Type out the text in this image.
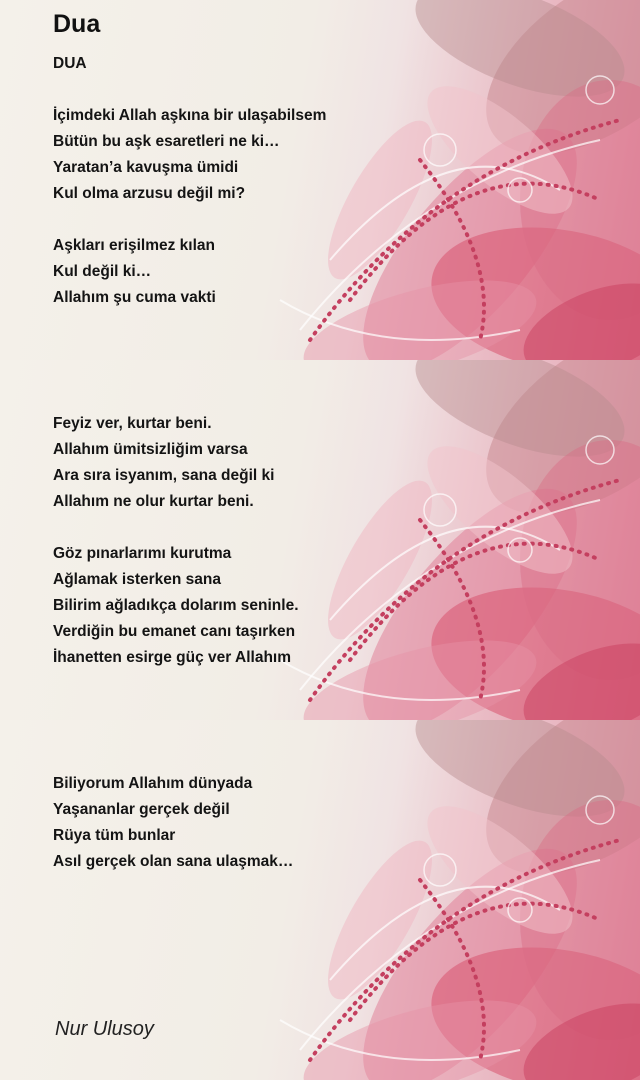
Dua
DUA
İçimdeki Allah aşkına bir ulaşabilsem
Bütün bu aşk esaretleri ne ki…
Yaratan’a kavuşma ümidi
Kul olma arzusu değil mi?
Aşkları erişilmez kılan
Kul değil ki…
Allahım şu cuma vakti
Feyiz ver, kurtar beni.
Allahım ümitsizliğim varsa
Ara sıra isyanım, sana değil ki
Allahım ne olur kurtar beni.
Göz pınarlarımı kurutma
Ağlamak isterken sana
Bilirim ağladıkça dolarım seninle.
Verdiğin bu emanet canı taşırken
İhanetten esirge güç ver Allahım
Biliyorum Allahım dünyada
Yaşananlar gerçek değil
Rüya tüm bunlar
Asıl gerçek olan sana ulaşmak…
Nur Ulusoy
